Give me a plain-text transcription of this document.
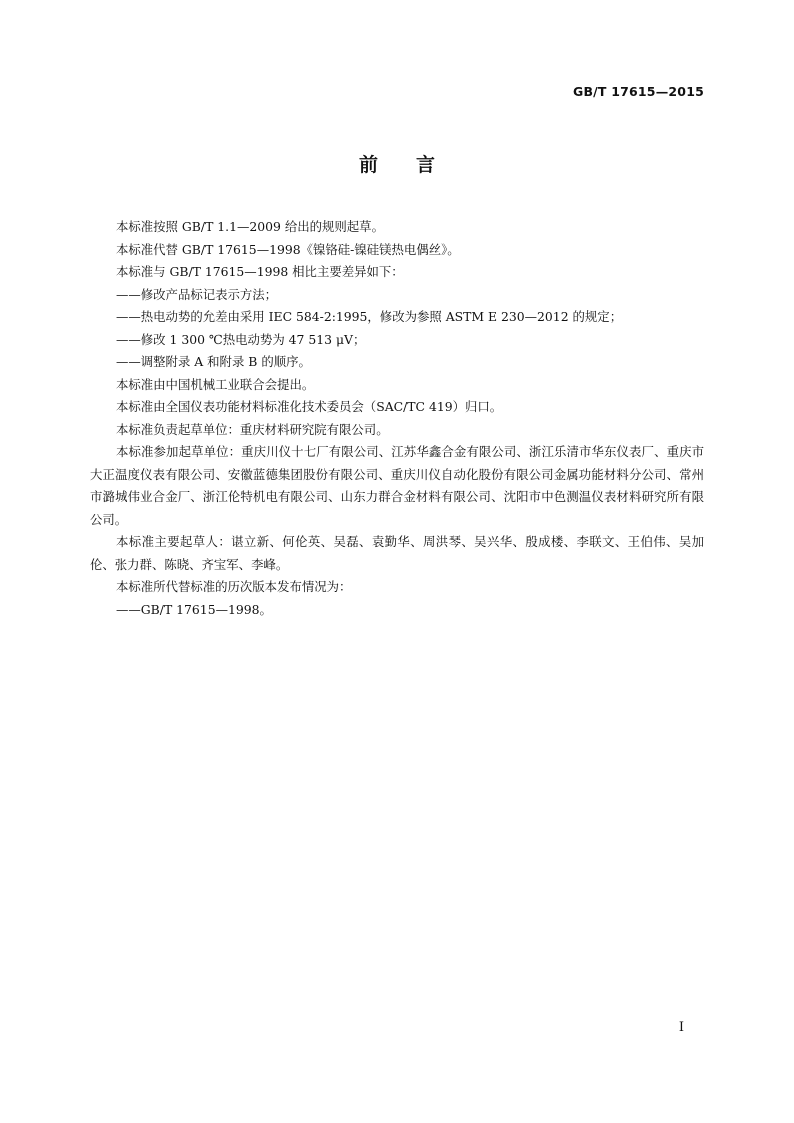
GB/T 17615—2015
前言

本标准按照 GB/T 1.1—2009 给出的规则起草。

本标准代替 GB/T 17615—1998《镍铬硅-镍硅镁热电偶丝》。

本标准与 GB/T 17615—1998 相比主要差异如下：

——修改产品标记表示方法；

——热电动势的允差由采用 IEC 584-2:1995，修改为参照 ASTM E 230—2012 的规定；

——修改 1 300 ℃热电动势为 47 513 μV；

——调整附录 A 和附录 B 的顺序。

本标准由中国机械工业联合会提出。

本标准由全国仪表功能材料标准化技术委员会（SAC/TC 419）归口。

本标准负责起草单位：重庆材料研究院有限公司。

本标准参加起草单位：重庆川仪十七厂有限公司、江苏华鑫合金有限公司、浙江乐清市华东仪表厂、重庆市大正温度仪表有限公司、安徽蓝德集团股份有限公司、重庆川仪自动化股份有限公司金属功能材料分公司、常州市潞城伟业合金厂、浙江伦特机电有限公司、山东力群合金材料有限公司、沈阳市中色测温仪表材料研究所有限公司。

本标准主要起草人：谌立新、何伦英、吴磊、袁勤华、周洪琴、吴兴华、殷成楼、李联文、王伯伟、吴加伦、张力群、陈晓、齐宝军、李峰。

本标准所代替标准的历次版本发布情况为：

——GB/T 17615—1998。

I
